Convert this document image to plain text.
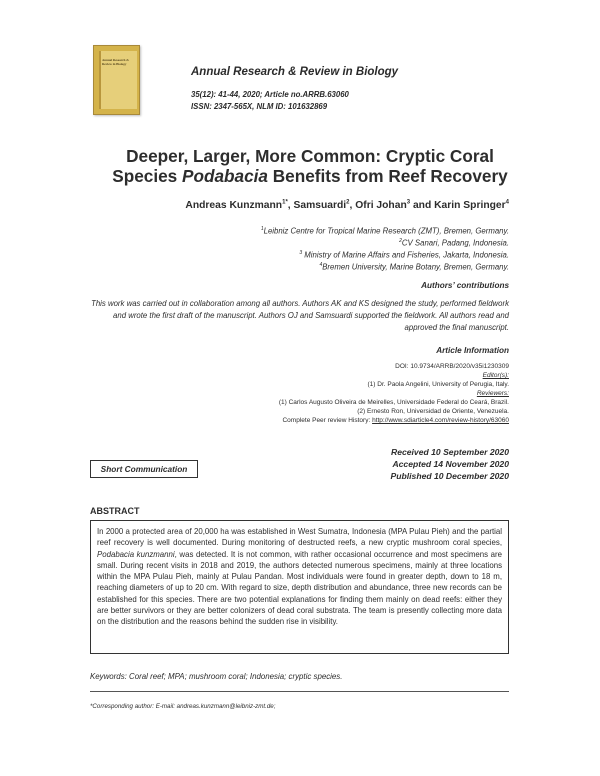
Annual Research &
Review in Biology
Annual Research & Review in Biology
35(12): 41-44, 2020; Article no.ARRB.63060
ISSN: 2347-565X, NLM ID: 101632869
Deeper, Larger, More Common: Cryptic Coral
Species Podabacia Benefits from Reef Recovery
Andreas Kunzmann$^{1*}$, Samsuardi$^2$, Ofri Johan$^3$ and Karin Springer$^4$
$^1$Leibniz Centre for Tropical Marine Research (ZMT), Bremen, Germany.
$^2$CV Sanari, Padang, Indonesia.
$^3$ Ministry of Marine Affairs and Fisheries, Jakarta, Indonesia.
$^4$Bremen University, Marine Botany, Bremen, Germany.
Authors’ contributions
This work was carried out in collaboration among all authors. Authors AK and KS designed the study, performed fieldwork and wrote the first draft of the manuscript. Authors OJ and Samsuardi supported the fieldwork. All authors read and approved the final manuscript.
Article Information
DOI: 10.9734/ARRB/2020/v35i1230309
Editor(s):
(1) Dr. Paola Angelini, University of Perugia, Italy.
Reviewers:
(1) Carlos Augusto Oliveira de Meirelles, Universidade Federal do Ceará, Brazil.
(2) Ernesto Ron, Universidad de Oriente, Venezuela.
Complete Peer review History: http://www.sdiarticle4.com/review-history/63060
Received 10 September 2020
Accepted 14 November 2020
Published 10 December 2020
Short Communication
ABSTRACT
In 2000 a protected area of 20,000 ha was established in West Sumatra, Indonesia (MPA Pulau Pieh) and the partial reef recovery is well documented. During monitoring of destructed reefs, a new cryptic mushroom coral species, Podabacia kunzmanni, was detected. It is not common, with rather occasional occurrence and most specimens are small. During recent visits in 2018 and 2019, the authors detected numerous specimens, mainly at three locations within the MPA Pulau Pieh, mainly at Pulau Pandan. Most individuals were found in greater depth, down to 18 m, reaching diameters of up to 20 cm. With regard to size, depth distribution and abundance, three new records can be established for this species. There are two potential explanations for finding them mainly on dead reefs: either they are better survivors or they are better colonizers of dead coral substrata. The team is presently collecting more data on the distribution and the reasons behind the sudden rise in visibility.
Keywords: Coral reef; MPA; mushroom coral; Indonesia; cryptic species.
*Corresponding author: E-mail: andreas.kunzmann@leibniz-zmt.de;
